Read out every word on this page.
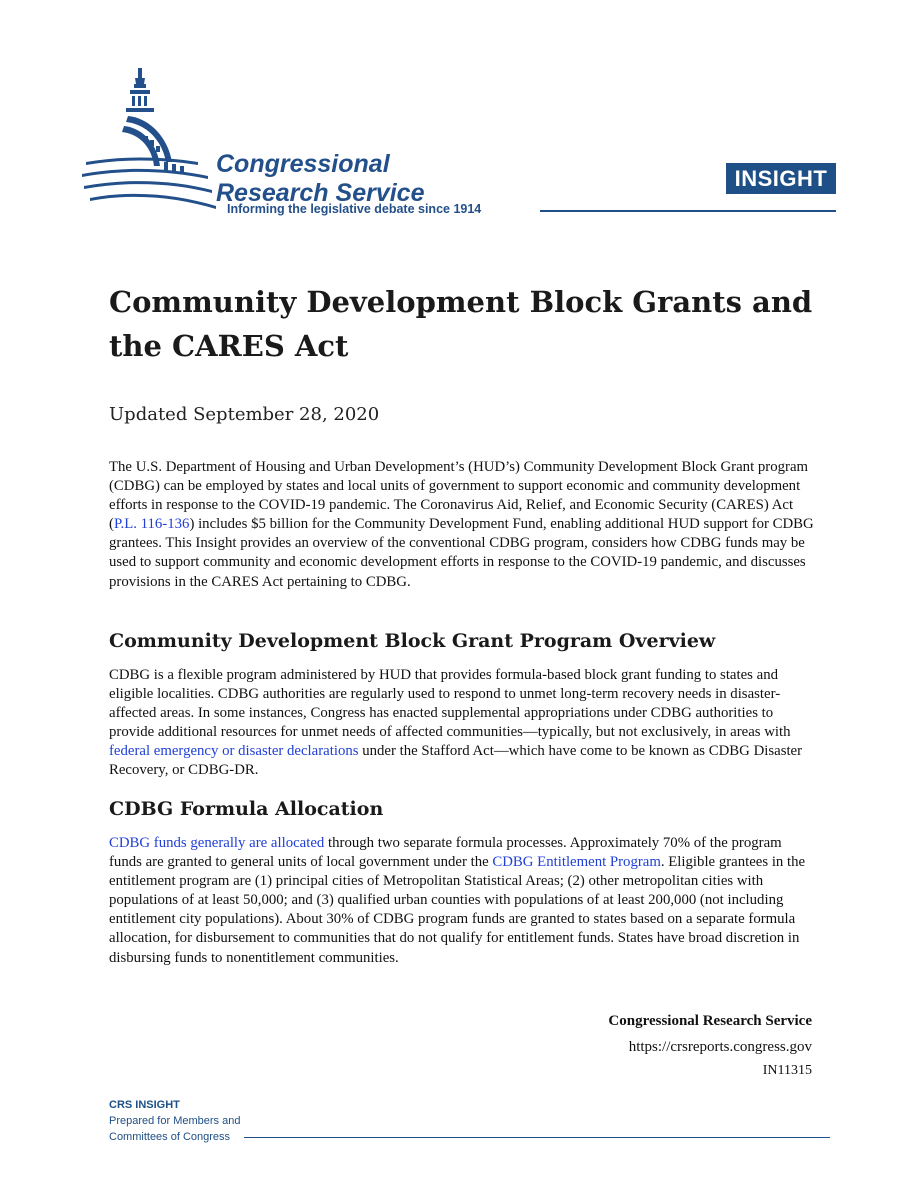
Congressional
Research Service
Informing the legislative debate since 1914
INSIGHT
Community Development Block Grants and the CARES Act
Updated September 28, 2020

The U.S. Department of Housing and Urban Development’s (HUD’s) Community Development Block Grant program (CDBG) can be employed by states and local units of government to support economic and community development efforts in response to the COVID-19 pandemic. The Coronavirus Aid, Relief, and Economic Security (CARES) Act (P.L. 116-136) includes $5 billion for the Community Development Fund, enabling additional HUD support for CDBG grantees. This Insight provides an overview of the conventional CDBG program, considers how CDBG funds may be used to support community and economic development efforts in response to the COVID-19 pandemic, and discusses provisions in the CARES Act pertaining to CDBG.

Community Development Block Grant Program Overview

CDBG is a flexible program administered by HUD that provides formula-based block grant funding to states and eligible localities. CDBG authorities are regularly used to respond to unmet long-term recovery needs in disaster-affected areas. In some instances, Congress has enacted supplemental appropriations under CDBG authorities to provide additional resources for unmet needs of affected communities—typically, but not exclusively, in areas with federal emergency or disaster declarations under the Stafford Act—which have come to be known as CDBG Disaster Recovery, or CDBG-DR.

CDBG Formula Allocation

CDBG funds generally are allocated through two separate formula processes. Approximately 70% of the program funds are granted to general units of local government under the CDBG Entitlement Program. Eligible grantees in the entitlement program are (1) principal cities of Metropolitan Statistical Areas; (2) other metropolitan cities with populations of at least 50,000; and (3) qualified urban counties with populations of at least 200,000 (not including entitlement city populations). About 30% of CDBG program funds are granted to states based on a separate formula allocation, for disbursement to communities that do not qualify for entitlement funds. States have broad discretion in disbursing funds to nonentitlement communities.

Congressional Research Service
https://crsreports.congress.gov
IN11315
CRS INSIGHT
Prepared for Members and
Committees of Congress
